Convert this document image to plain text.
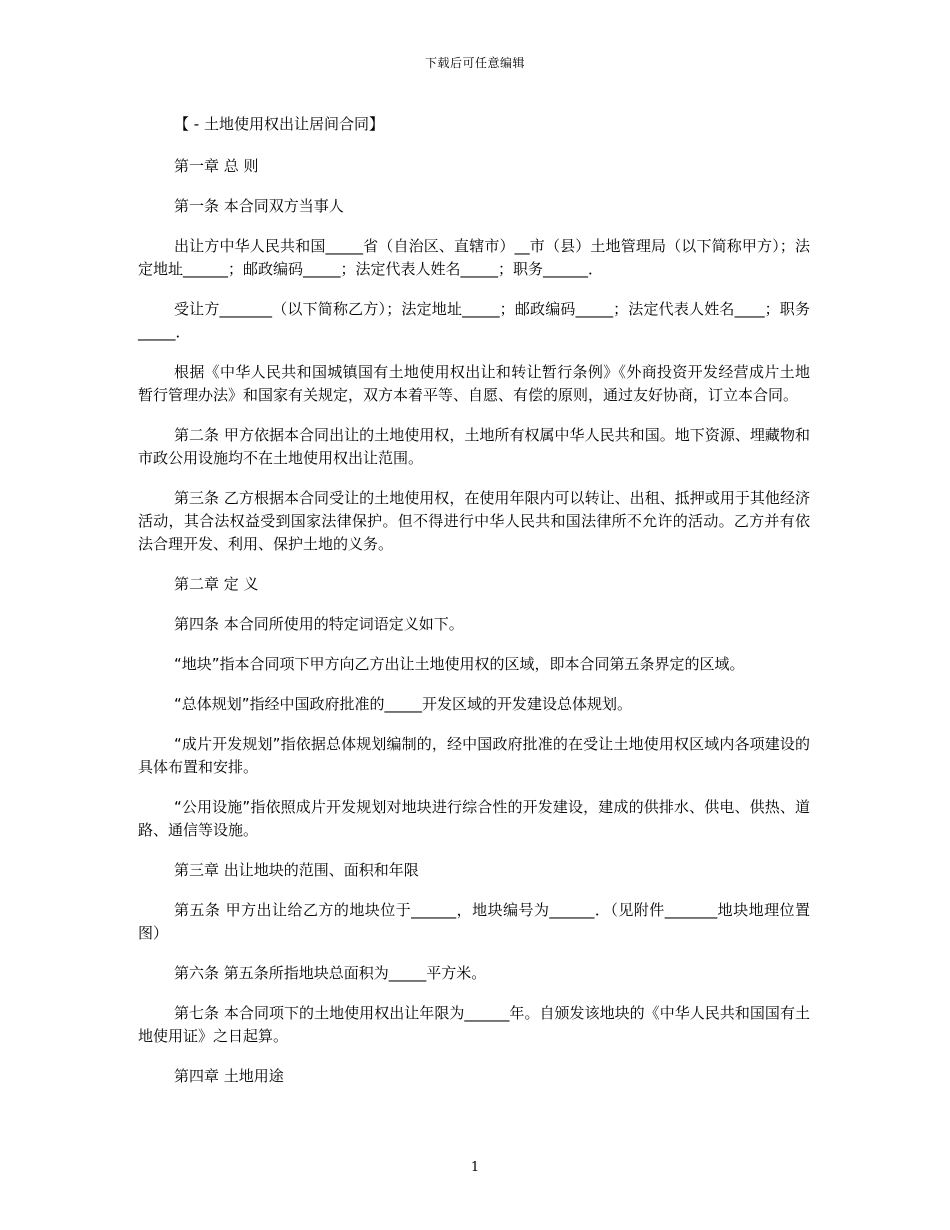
下载后可任意编辑

【 - 土地使用权出让居间合同】

第一章 总 则

第一条 本合同双方当事人

出让方中华人民共和国_____省（自治区、直辖市）__市（县）土地管理局（以下简称甲方）；法定地址______；邮政编码_____；法定代表人姓名_____；职务______．

受让方_______（以下简称乙方）；法定地址_____；邮政编码_____；法定代表人姓名____；职务_____．

根据《中华人民共和国城镇国有土地使用权出让和转让暂行条例》《外商投资开发经营成片土地暂行管理办法》和国家有关规定，双方本着平等、自愿、有偿的原则，通过友好协商，订立本合同。

第二条 甲方依据本合同出让的土地使用权，土地所有权属中华人民共和国。地下资源、埋藏物和市政公用设施均不在土地使用权出让范围。

第三条 乙方根据本合同受让的土地使用权，在使用年限内可以转让、出租、抵押或用于其他经济活动，其合法权益受到国家法律保护。但不得进行中华人民共和国法律所不允许的活动。乙方并有依法合理开发、利用、保护土地的义务。

第二章 定 义

第四条 本合同所使用的特定词语定义如下。

“地块”指本合同项下甲方向乙方出让土地使用权的区域，即本合同第五条界定的区域。

“总体规划”指经中国政府批准的_____开发区域的开发建设总体规划。

“成片开发规划”指依据总体规划编制的，经中国政府批准的在受让土地使用权区域内各项建设的具体布置和安排。

“公用设施”指依照成片开发规划对地块进行综合性的开发建设，建成的供排水、供电、供热、道路、通信等设施。

第三章 出让地块的范围、面积和年限

第五条 甲方出让给乙方的地块位于______，地块编号为______．（见附件_______地块地理位置图）

第六条 第五条所指地块总面积为_____平方米。

第七条 本合同项下的土地使用权出让年限为______年。自颁发该地块的《中华人民共和国国有土地使用证》之日起算。

第四章 土地用途

1
